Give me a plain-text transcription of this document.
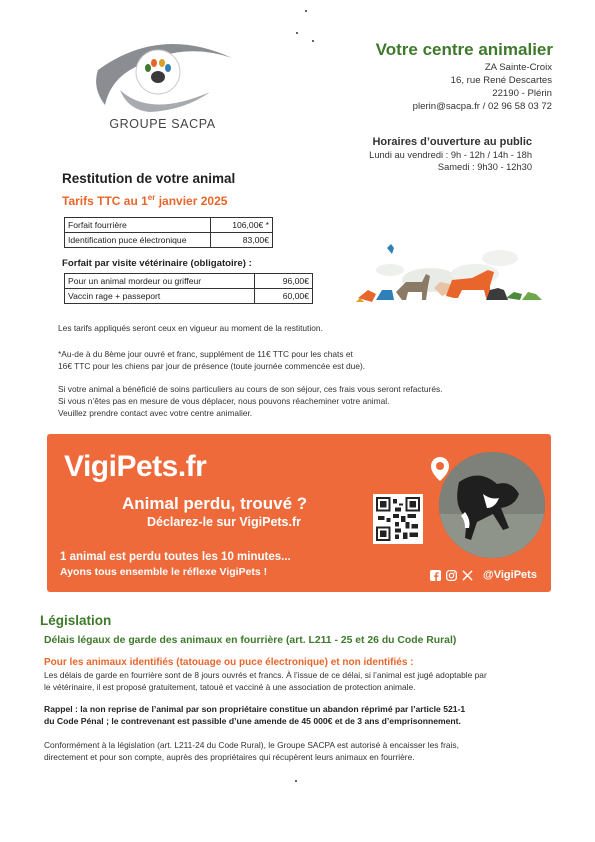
GROUPE SACPA
Votre centre animalier
ZA Sainte-Croix
16, rue René Descartes
22190 - Plérin
plerin@sacpa.fr / 02 96 58 03 72
Horaires d’ouverture au public
Lundi au vendredi : 9h - 12h / 14h - 18h
Samedi : 9h30 - 12h30
Restitution de votre animal
Tarifs TTC au 1er janvier 2025
Forfait fourrière	106,00€ *
Identification puce électronique	83,00€
Forfait par visite vétérinaire (obligatoire) :
Pour un animal mordeur ou griffeur	96,00€
Vaccin rage + passeport	60,00€
Les tarifs appliqués seront ceux en vigueur au moment de la restitution.
*Au-de à du 8ème jour ouvré et franc, supplément de 11€ TTC pour les chats et
16€ TTC pour les chiens par jour de présence (toute journée commencée est due).
Si votre animal a bénéficié de soins particuliers au cours de son séjour, ces frais vous seront refacturés.
Si vous n’êtes pas en mesure de vous déplacer, nous pouvons réacheminer votre animal.
Veuillez prendre contact avec votre centre animalier.
VigiPets.fr
Animal perdu, trouvé ?
Déclarez-le sur VigiPets.fr
1 animal est perdu toutes les 10 minutes...
Ayons tous ensemble le réflexe VigiPets !	@VigiPets
Législation
Délais légaux de garde des animaux en fourrière (art. L211 - 25 et 26 du Code Rural)
Pour les animaux identifiés (tatouage ou puce électronique) et non identifiés :
Les délais de garde en fourrière sont de 8 jours ouvrés et francs. À l’issue de ce délai, si l’animal est jugé adoptable par
le vétérinaire, il est proposé gratuitement, tatoué et vacciné à une association de protection animale.
Rappel : la non reprise de l’animal par son propriétaire constitue un abandon réprimé par l’article 521-1
du Code Pénal ; le contrevenant est passible d’une amende de 45 000€ et de 3 ans d’emprisonnement.
Conformément à la législation (art. L211-24 du Code Rural), le Groupe SACPA est autorisé à encaisser les frais,
directement et pour son compte, auprès des propriétaires qui récupèrent leurs animaux en fourrière.
